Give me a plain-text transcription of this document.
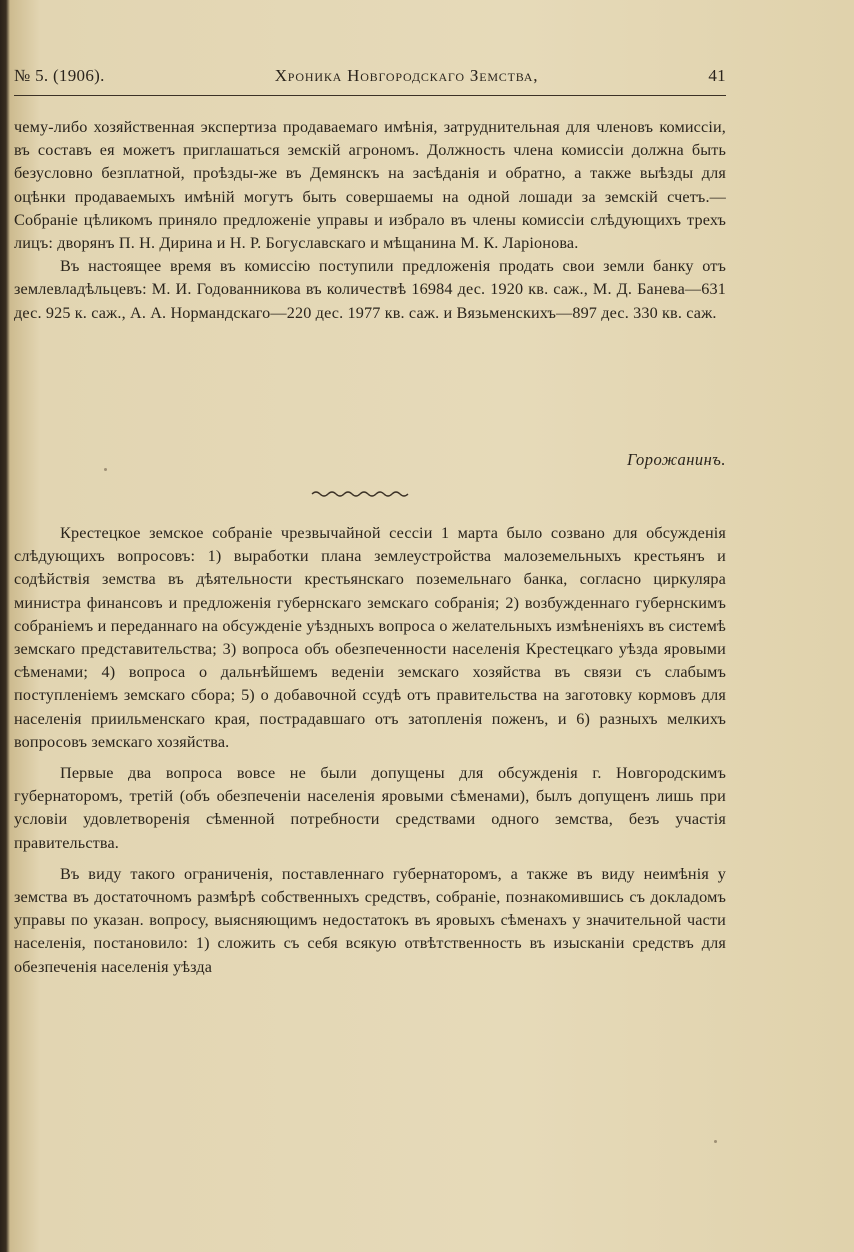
№ 5. (1906).	Хроника Новгородскаго Земства,	41

чему-либо хозяйственная экспертиза продаваемаго имѣнія, затруднительная для членовъ комиссіи, въ составъ ея можетъ приглашаться земскій агрономъ. Должность члена комиссіи должна быть безусловно безплатной, проѣзды-же въ Демянскъ на засѣданія и обратно, а также выѣзды для оцѣнки продаваемыхъ имѣній могутъ быть совершаемы на одной лошади за земскій счетъ.—Собраніе цѣликомъ приняло предложеніе управы и избрало въ члены комиссіи слѣдующихъ трехъ лицъ: дворянъ П. Н. Дирина и Н. Р. Богуславскаго и мѣщанина М. К. Ларіонова.

Въ настоящее время въ комиссію поступили предложенія продать свои земли банку отъ землевладѣльцевъ: М. И. Годованникова въ количествѣ 16984 дес. 1920 кв. саж., М. Д. Банева—631 дес. 925 к. саж., А. А. Нормандскаго—220 дес. 1977 кв. саж. и Вязьменскихъ—897 дес. 330 кв. саж.

Горожанинъ.

Крестецкое земское собраніе чрезвычайной сессіи 1 марта было созвано для обсужденія слѣдующихъ вопросовъ: 1) выработки плана землеустройства малоземельныхъ крестьянъ и содѣйствія земства въ дѣятельности крестьянскаго поземельнаго банка, согласно циркуляра министра финансовъ и предложенія губернскаго земскаго собранія; 2) возбужденнаго губернскимъ собраніемъ и переданнаго на обсужденіе уѣздныхъ вопроса о желательныхъ измѣненіяхъ въ системѣ земскаго представительства; 3) вопроса объ обезпеченности населенія Крестецкаго уѣзда яровыми сѣменами; 4) вопроса о дальнѣйшемъ веденіи земскаго хозяйства въ связи съ слабымъ поступленіемъ земскаго сбора; 5) о добавочной ссудѣ отъ правительства на заготовку кормовъ для населенія приильменскаго края, пострадавшаго отъ затопленія поженъ, и 6) разныхъ мелкихъ вопросовъ земскаго хозяйства.

Первые два вопроса вовсе не были допущены для обсужденія г. Новгородскимъ губернаторомъ, третій (объ обезпеченіи населенія яровыми сѣменами), былъ допущенъ лишь при условіи удовлетворенія сѣменной потребности средствами одного земства, безъ участія правительства.

Въ виду такого ограниченія, поставленнаго губернаторомъ, а также въ виду неимѣнія у земства въ достаточномъ размѣрѣ собственныхъ средствъ, собраніе, познакомившись съ докладомъ управы по указан. вопросу, выясняющимъ недостатокъ въ яровыхъ сѣменахъ у значительной части населенія, постановило: 1) сложить съ себя всякую отвѣтственность въ изысканіи средствъ для обезпеченія населенія уѣзда
